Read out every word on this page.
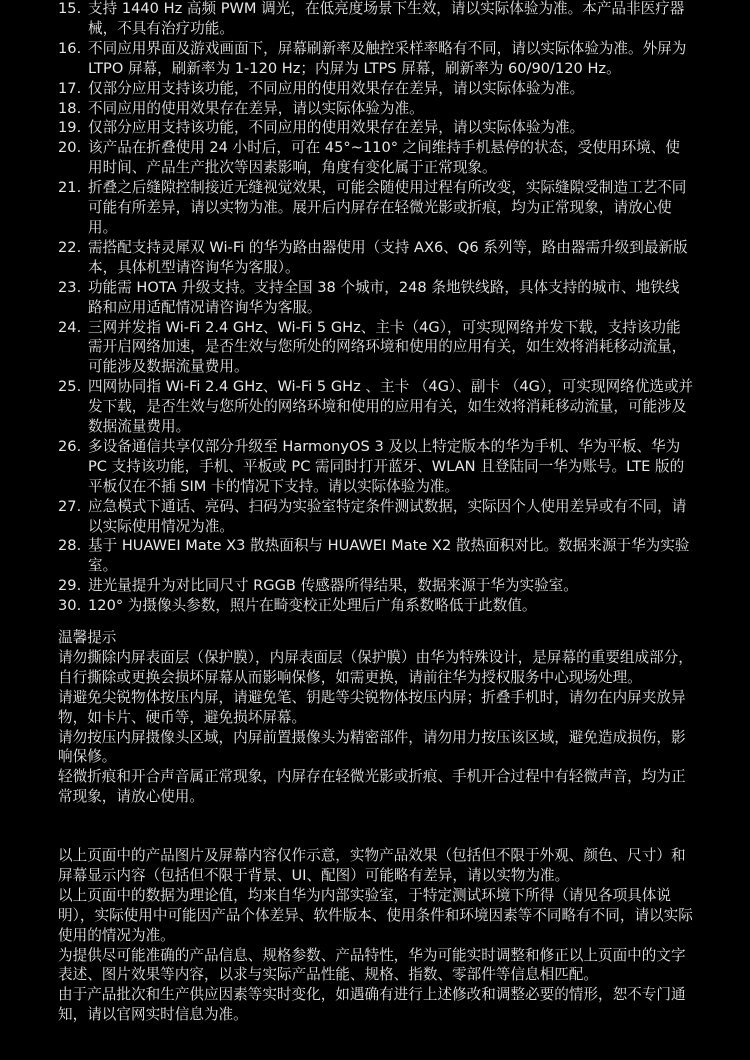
15. 支持 1440 Hz 高频 PWM 调光，在低亮度场景下生效，请以实际体验为准。本产品非医疗器械，不具有治疗功能。
16. 不同应用界面及游戏画面下，屏幕刷新率及触控采样率略有不同，请以实际体验为准。外屏为 LTPO 屏幕，刷新率为 1-120 Hz；内屏为 LTPS 屏幕，刷新率为 60/90/120 Hz。
17. 仅部分应用支持该功能，不同应用的使用效果存在差异，请以实际体验为准。
18. 不同应用的使用效果存在差异，请以实际体验为准。
19. 仅部分应用支持该功能，不同应用的使用效果存在差异，请以实际体验为准。
20. 该产品在折叠使用 24 小时后，可在 45°~110° 之间维持手机悬停的状态，受使用环境、使用时间、产品生产批次等因素影响，角度有变化属于正常现象。
21. 折叠之后缝隙控制接近无缝视觉效果，可能会随使用过程有所改变，实际缝隙受制造工艺不同可能有所差异，请以实物为准。展开后内屏存在轻微光影或折痕，均为正常现象，请放心使用。
22. 需搭配支持灵犀双 Wi-Fi 的华为路由器使用（支持 AX6、Q6 系列等，路由器需升级到最新版本，具体机型请咨询华为客服）。
23. 功能需 HOTA 升级支持。支持全国 38 个城市，248 条地铁线路，具体支持的城市、地铁线路和应用适配情况请咨询华为客服。
24. 三网并发指 Wi-Fi 2.4 GHz、Wi-Fi 5 GHz、主卡（4G），可实现网络并发下载，支持该功能需开启网络加速，是否生效与您所处的网络环境和使用的应用有关，如生效将消耗移动流量，可能涉及数据流量费用。
25. 四网协同指 Wi-Fi 2.4 GHz、Wi-Fi 5 GHz 、主卡 （4G）、副卡 （4G），可实现网络优选或并发下载，是否生效与您所处的网络环境和使用的应用有关，如生效将消耗移动流量，可能涉及数据流量费用。
26. 多设备通信共享仅部分升级至 HarmonyOS 3 及以上特定版本的华为手机、华为平板、华为 PC 支持该功能，手机、平板或 PC 需同时打开蓝牙、WLAN 且登陆同一华为账号。LTE 版的平板仅在不插 SIM 卡的情况下支持。请以实际体验为准。
27. 应急模式下通话、亮码、扫码为实验室特定条件测试数据，实际因个人使用差异或有不同，请以实际使用情况为准。
28. 基于 HUAWEI Mate X3 散热面积与 HUAWEI Mate X2 散热面积对比。数据来源于华为实验室。
29. 进光量提升为对比同尺寸 RGGB 传感器所得结果，数据来源于华为实验室。
30. 120° 为摄像头参数，照片在畸变校正处理后广角系数略低于此数值。

温馨提示

请勿撕除内屏表面层（保护膜），内屏表面层（保护膜）由华为特殊设计，是屏幕的重要组成部分，自行撕除或更换会损坏屏幕从而影响保修，如需更换，请前往华为授权服务中心现场处理。

请避免尖锐物体按压内屏，请避免笔、钥匙等尖锐物体按压内屏；折叠手机时，请勿在内屏夹放异物，如卡片、硬币等，避免损坏屏幕。

请勿按压内屏摄像头区域，内屏前置摄像头为精密部件，请勿用力按压该区域，避免造成损伤，影响保修。

轻微折痕和开合声音属正常现象，内屏存在轻微光影或折痕、手机开合过程中有轻微声音，均为正常现象，请放心使用。

以上页面中的产品图片及屏幕内容仅作示意，实物产品效果（包括但不限于外观、颜色、尺寸）和屏幕显示内容（包括但不限于背景、UI、配图）可能略有差异，请以实物为准。

以上页面中的数据为理论值，均来自华为内部实验室，于特定测试环境下所得（请见各项具体说明），实际使用中可能因产品个体差异、软件版本、使用条件和环境因素等不同略有不同，请以实际使用的情况为准。

为提供尽可能准确的产品信息、规格参数、产品特性，华为可能实时调整和修正以上页面中的文字表述、图片效果等内容，以求与实际产品性能、规格、指数、零部件等信息相匹配。

由于产品批次和生产供应因素等实时变化，如遇确有进行上述修改和调整必要的情形，恕不专门通知，请以官网实时信息为准。
